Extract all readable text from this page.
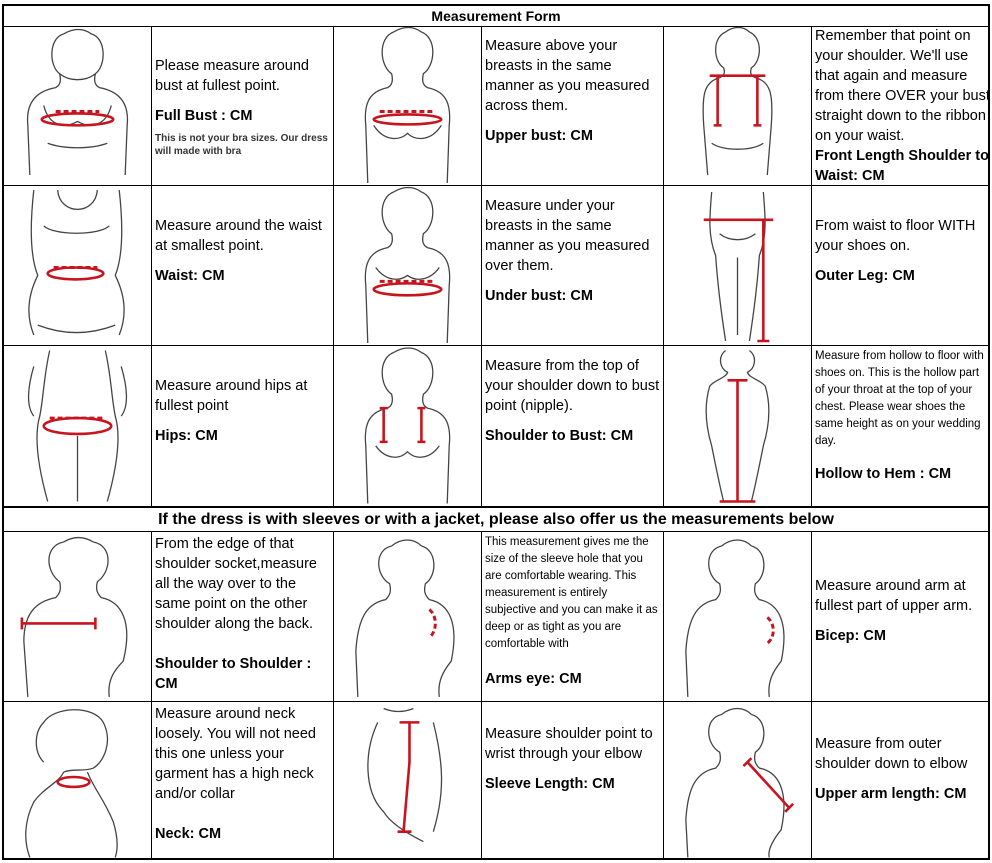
Measurement Form
Please measure around bust at fullest point.
Full Bust : CM
This is not your bra sizes. Our dress will made with bra
Measure above your breasts in the same manner as you measured across them.
Upper bust: CM
Remember that point on your shoulder. We'll use that again and measure from there OVER your bust straight down to the ribbon on your waist.
Front Length Shoulder to Waist: CM
Measure around the waist at smallest point.
Waist: CM
Measure under your breasts in the same manner as you measured over them.
Under bust: CM
From waist to floor WITH your shoes on.
Outer Leg: CM
Measure around hips at fullest point
Hips: CM
Measure from the top of your shoulder down to bust point (nipple).
Shoulder to Bust: CM
Measure from hollow to floor with shoes on. This is the hollow part of your throat at the top of your chest. Please wear shoes the same height as on your wedding day.
Hollow to Hem : CM
If the dress is with sleeves or with a jacket, please also offer us the measurements below
From the edge of that shoulder socket,measure all the way over to the same point on the other shoulder along the back.
Shoulder to Shoulder : CM
This measurement gives me the size of the sleeve hole that you are comfortable wearing. This measurement is entirely subjective and you can make it as deep or as tight as you are comfortable with
Arms eye: CM
Measure around arm at fullest part of upper arm.
Bicep: CM
Measure around neck loosely. You will not need this one unless your garment has a high neck and/or collar
Neck: CM
Measure shoulder point to wrist through your elbow
Sleeve Length: CM
Measure from outer shoulder down to elbow
Upper arm length: CM
